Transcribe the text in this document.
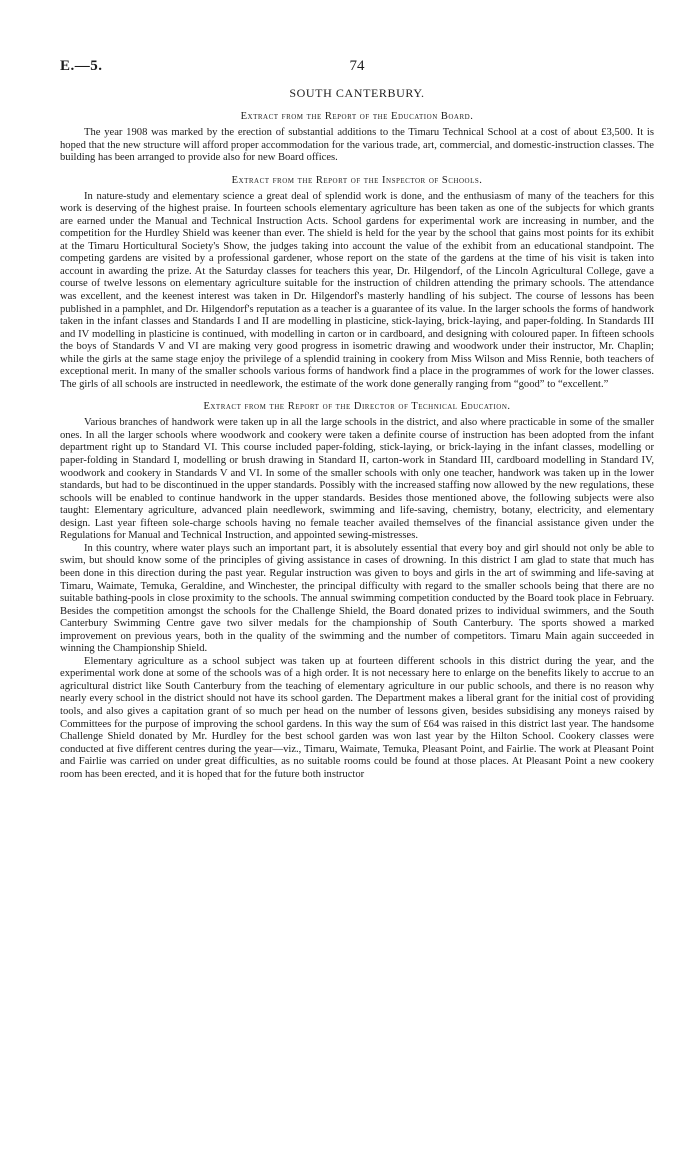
74
E.—5.
SOUTH CANTERBURY.
Extract from the Report of the Education Board.

The year 1908 was marked by the erection of substantial additions to the Timaru Technical School at a cost of about £3,500. It is hoped that the new structure will afford proper accommodation for the various trade, art, commercial, and domestic-instruction classes. The building has been arranged to provide also for new Board offices.

Extract from the Report of the Inspector of Schools.

In nature-study and elementary science a great deal of splendid work is done, and the enthusiasm of many of the teachers for this work is deserving of the highest praise. In fourteen schools elementary agriculture has been taken as one of the subjects for which grants are earned under the Manual and Technical Instruction Acts. School gardens for experimental work are increasing in number, and the competition for the Hurdley Shield was keener than ever. The shield is held for the year by the school that gains most points for its exhibit at the Timaru Horticultural Society's Show, the judges taking into account the value of the exhibit from an educational standpoint. The competing gardens are visited by a professional gardener, whose report on the state of the gardens at the time of his visit is taken into account in awarding the prize. At the Saturday classes for teachers this year, Dr. Hilgendorf, of the Lincoln Agricultural College, gave a course of twelve lessons on elementary agriculture suitable for the instruction of children attending the primary schools. The attendance was excellent, and the keenest interest was taken in Dr. Hilgendorf's masterly handling of his subject. The course of lessons has been published in a pamphlet, and Dr. Hilgendorf's reputation as a teacher is a guarantee of its value. In the larger schools the forms of handwork taken in the infant classes and Standards I and II are modelling in plasticine, stick-laying, brick-laying, and paper-folding. In Standards III and IV modelling in plasticine is continued, with modelling in carton or in cardboard, and designing with coloured paper. In fifteen schools the boys of Standards V and VI are making very good progress in isometric drawing and woodwork under their instructor, Mr. Chaplin; while the girls at the same stage enjoy the privilege of a splendid training in cookery from Miss Wilson and Miss Rennie, both teachers of exceptional merit. In many of the smaller schools various forms of handwork find a place in the programmes of work for the lower classes. The girls of all schools are instructed in needlework, the estimate of the work done generally ranging from “good” to “excellent.”

Extract from the Report of the Director of Technical Education.

Various branches of handwork were taken up in all the large schools in the district, and also where practicable in some of the smaller ones. In all the larger schools where woodwork and cookery were taken a definite course of instruction has been adopted from the infant department right up to Standard VI. This course included paper-folding, stick-laying, or brick-laying in the infant classes, modelling or paper-folding in Standard I, modelling or brush drawing in Standard II, carton-work in Standard III, cardboard modelling in Standard IV, woodwork and cookery in Standards V and VI. In some of the smaller schools with only one teacher, handwork was taken up in the lower standards, but had to be discontinued in the upper standards. Possibly with the increased staffing now allowed by the new regulations, these schools will be enabled to continue handwork in the upper standards. Besides those mentioned above, the following subjects were also taught: Elementary agriculture, advanced plain needlework, swimming and life-saving, chemistry, botany, electricity, and elementary design. Last year fifteen sole-charge schools having no female teacher availed themselves of the financial assistance given under the Regulations for Manual and Technical Instruction, and appointed sewing-mistresses.

In this country, where water plays such an important part, it is absolutely essential that every boy and girl should not only be able to swim, but should know some of the principles of giving assistance in cases of drowning. In this district I am glad to state that much has been done in this direction during the past year. Regular instruction was given to boys and girls in the art of swimming and life-saving at Timaru, Waimate, Temuka, Geraldine, and Winchester, the principal difficulty with regard to the smaller schools being that there are no suitable bathing-pools in close proximity to the schools. The annual swimming competition conducted by the Board took place in February. Besides the competition amongst the schools for the Challenge Shield, the Board donated prizes to individual swimmers, and the South Canterbury Swimming Centre gave two silver medals for the championship of South Canterbury. The sports showed a marked improvement on previous years, both in the quality of the swimming and the number of competitors. Timaru Main again succeeded in winning the Championship Shield.

Elementary agriculture as a school subject was taken up at fourteen different schools in this district during the year, and the experimental work done at some of the schools was of a high order. It is not necessary here to enlarge on the benefits likely to accrue to an agricultural district like South Canterbury from the teaching of elementary agriculture in our public schools, and there is no reason why nearly every school in the district should not have its school garden. The Department makes a liberal grant for the initial cost of providing tools, and also gives a capitation grant of so much per head on the number of lessons given, besides subsidising any moneys raised by Committees for the purpose of improving the school gardens. In this way the sum of £64 was raised in this district last year. The handsome Challenge Shield donated by Mr. Hurdley for the best school garden was won last year by the Hilton School. Cookery classes were conducted at five different centres during the year—viz., Timaru, Waimate, Temuka, Pleasant Point, and Fairlie. The work at Pleasant Point and Fairlie was carried on under great difficulties, as no suitable rooms could be found at those places. At Pleasant Point a new cookery room has been erected, and it is hoped that for the future both instructor
